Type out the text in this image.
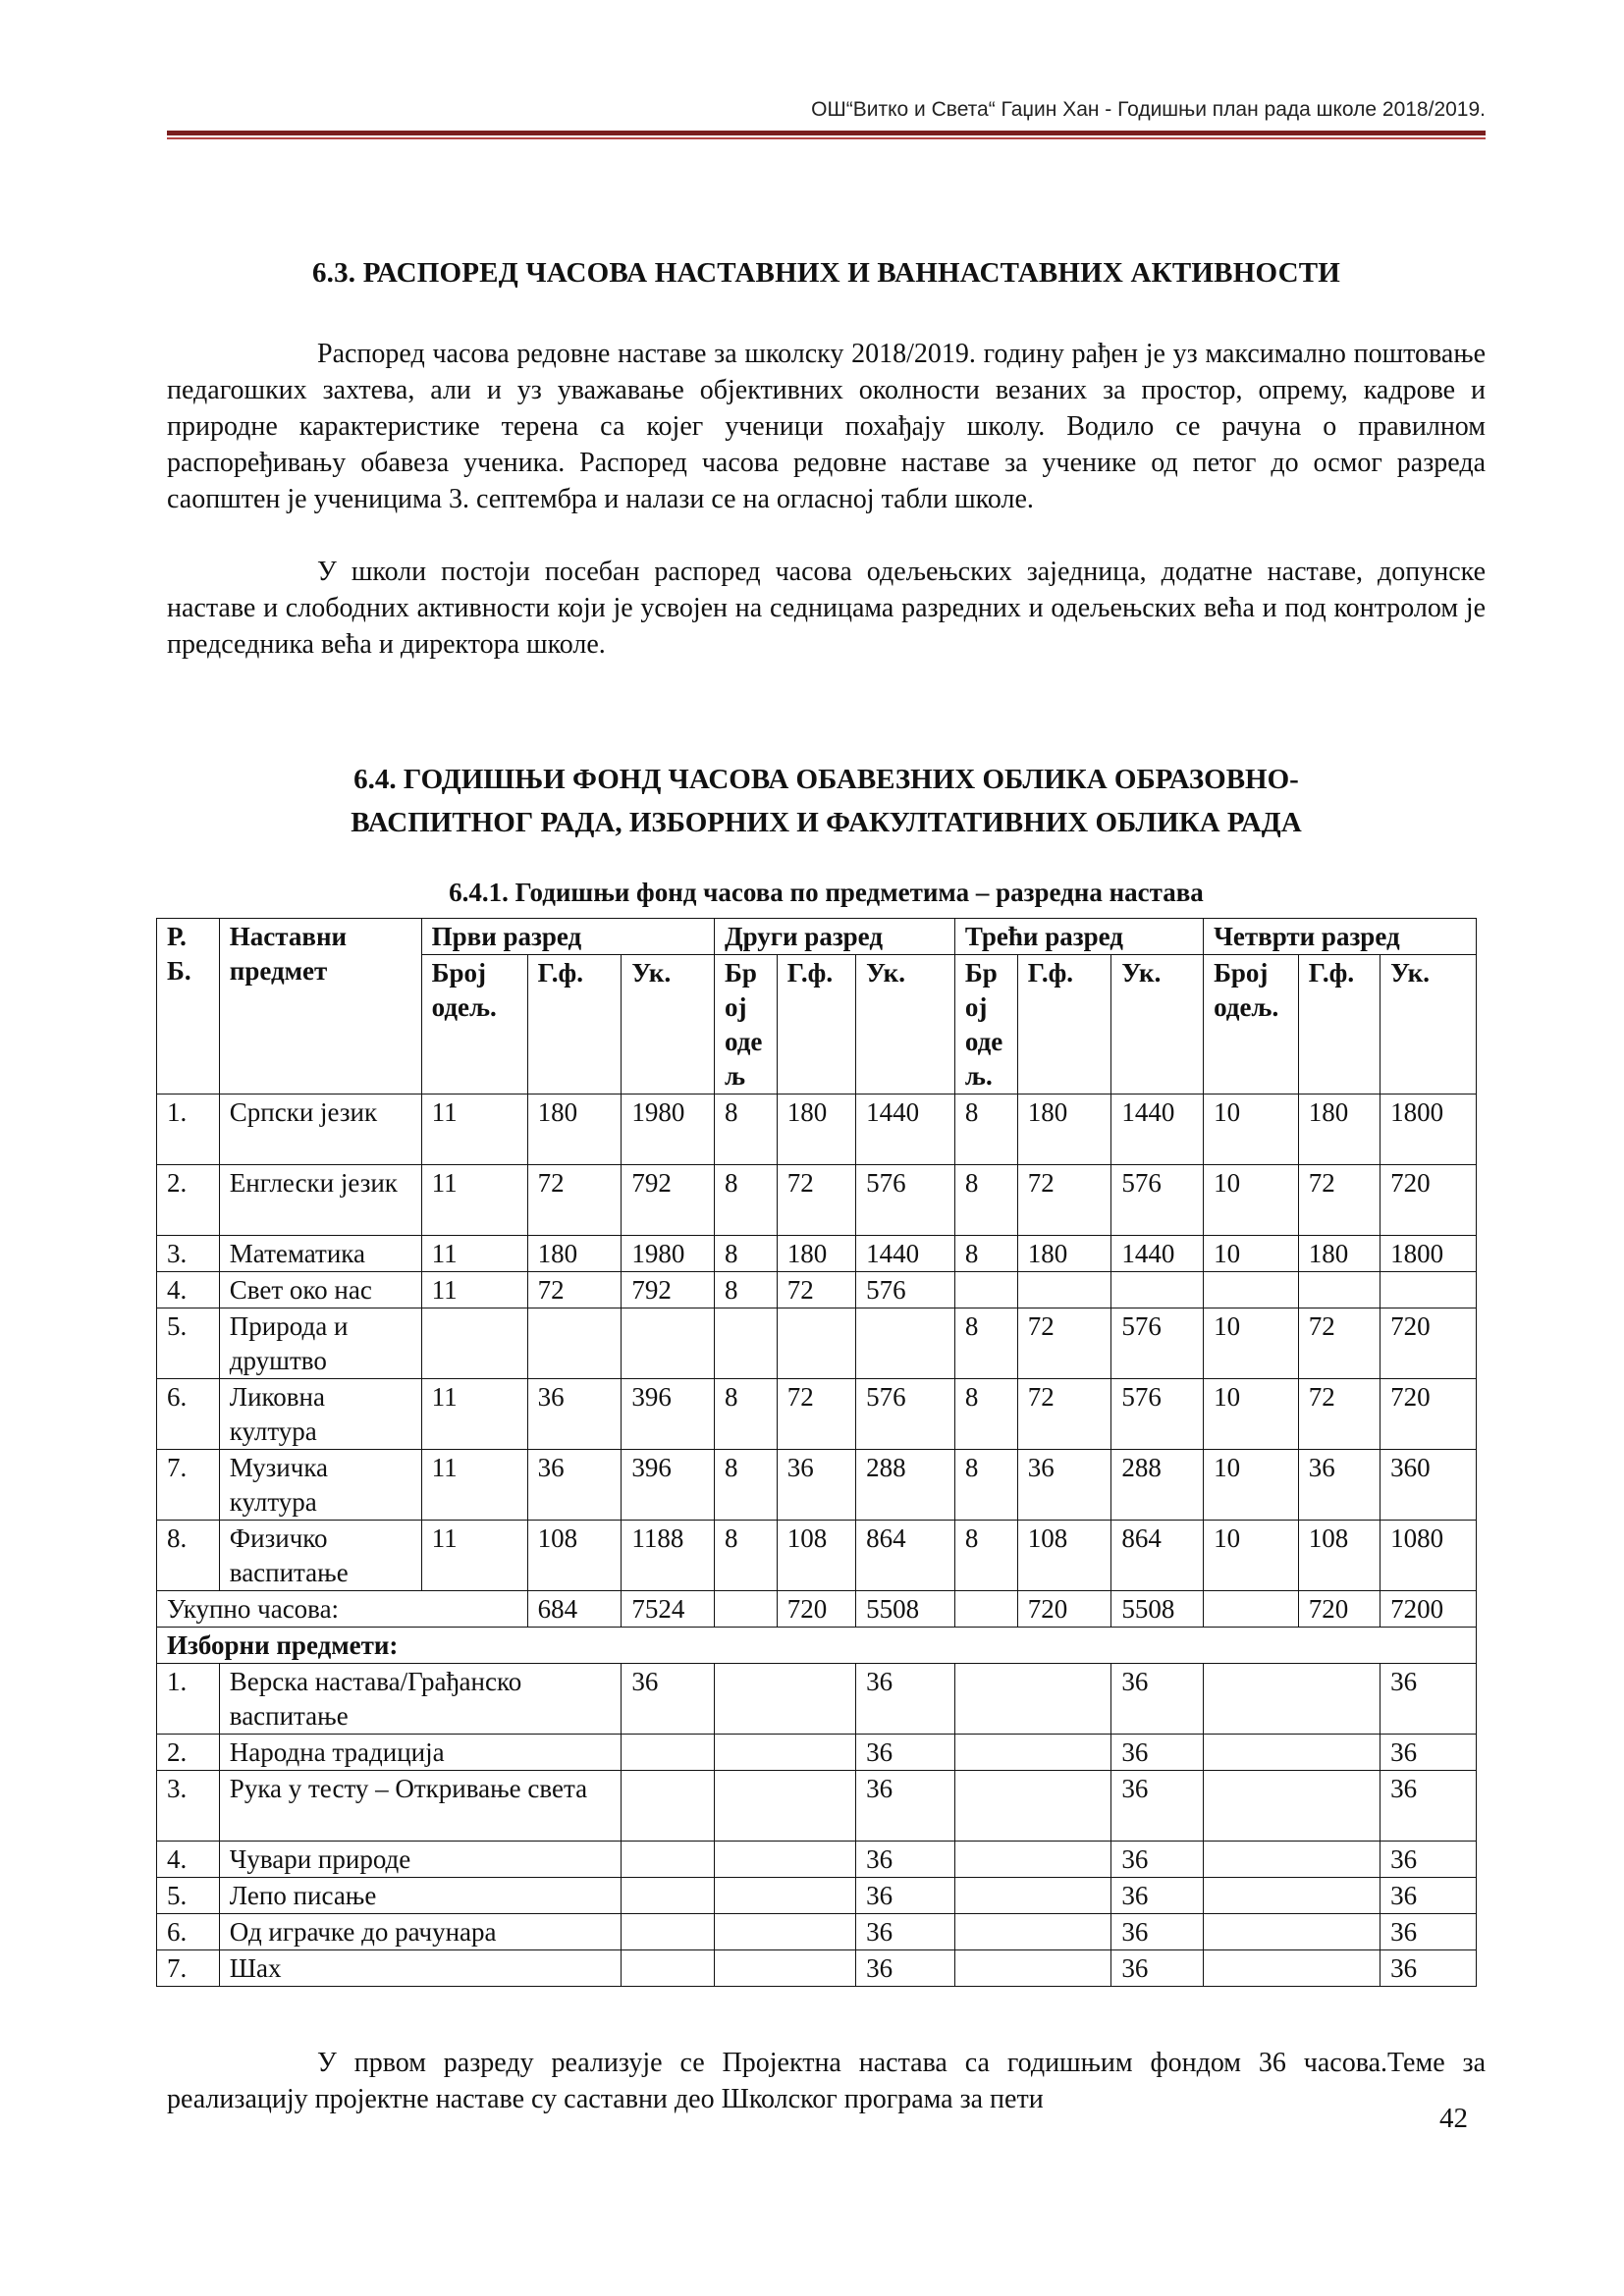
ОШ“Витко и Света“ Гаџин Хан - Годишњи план рада школе 2018/2019.
6.3. РАСПОРЕД ЧАСОВА НАСТАВНИХ И ВАННАСТАВНИХ АКТИВНОСТИ

Распоред часова редовне наставе за школску 2018/2019. годину рађен је уз максимално поштовање педагошких захтева, али и уз уважавање објективних околности везаних за простор, опрему, кадрове и природне карактеристике терена са којег ученици похађају школу. Водило се рачуна о правилном распоређивању обавеза ученика. Распоред часова редовне наставе за ученике од петог до осмог разреда саопштен је ученицима 3. септембра и налази се на огласној табли школе.

У школи постоји посебан распоред часова одељењских заједница, додатне наставе, допунске наставе и слободних активности који је усвојен на седницама разредних и одељењских већа и под контролом је председника већа и директора школе.

6.4. ГОДИШЊИ ФОНД ЧАСОВА ОБАВЕЗНИХ ОБЛИКА ОБРАЗОВНО-
ВАСПИТНОГ РАДА, ИЗБОРНИХ И ФАКУЛТАТИВНИХ ОБЛИКА РАДА
6.4.1. Годишњи фонд часова по предметима – разредна настава
Р. Б.	Наставни предмет	Први разред			Други разред			Трећи разред			Четврти разред		
		Број одељ.	Г.ф.	Ук.	Број одељ	Г.ф.	Ук.	Број одељ.	Г.ф.	Ук.	Број одељ.	Г.ф.	Ук.
1.	Српски језик	11	180	1980	8	180	1440	8	180	1440	10	180	1800
2.	Енглески језик	11	72	792	8	72	576	8	72	576	10	72	720
3.	Математика	11	180	1980	8	180	1440	8	180	1440	10	180	1800
4.	Свет око нас	11	72	792	8	72	576						
5.	Природа и друштво							8	72	576	10	72	720
6.	Ликовна култура	11	36	396	8	72	576	8	72	576	10	72	720
7.	Музичка култура	11	36	396	8	36	288	8	36	288	10	36	360
8.	Физичко васпитање	11	108	1188	8	108	864	8	108	864	10	108	1080
Укупно часова:			684	7524		720	5508		720	5508		720	7200
Изборни предмети:													
1.	Верска настава/Грађанско васпитање			36			36			36			36
2.	Народна традиција						36			36			36
3.	Рука у тесту – Откривање света						36			36			36
4.	Чувари природе						36			36			36
5.	Лепо писање						36			36			36
6.	Од играчке до рачунара						36			36			36
7.	Шах						36			36			36

У првом разреду реализује се Пројектна настава са годишњим фондом 36 часова.Теме за реализацију пројектне наставе су саставни део Школског програма за пети

42
